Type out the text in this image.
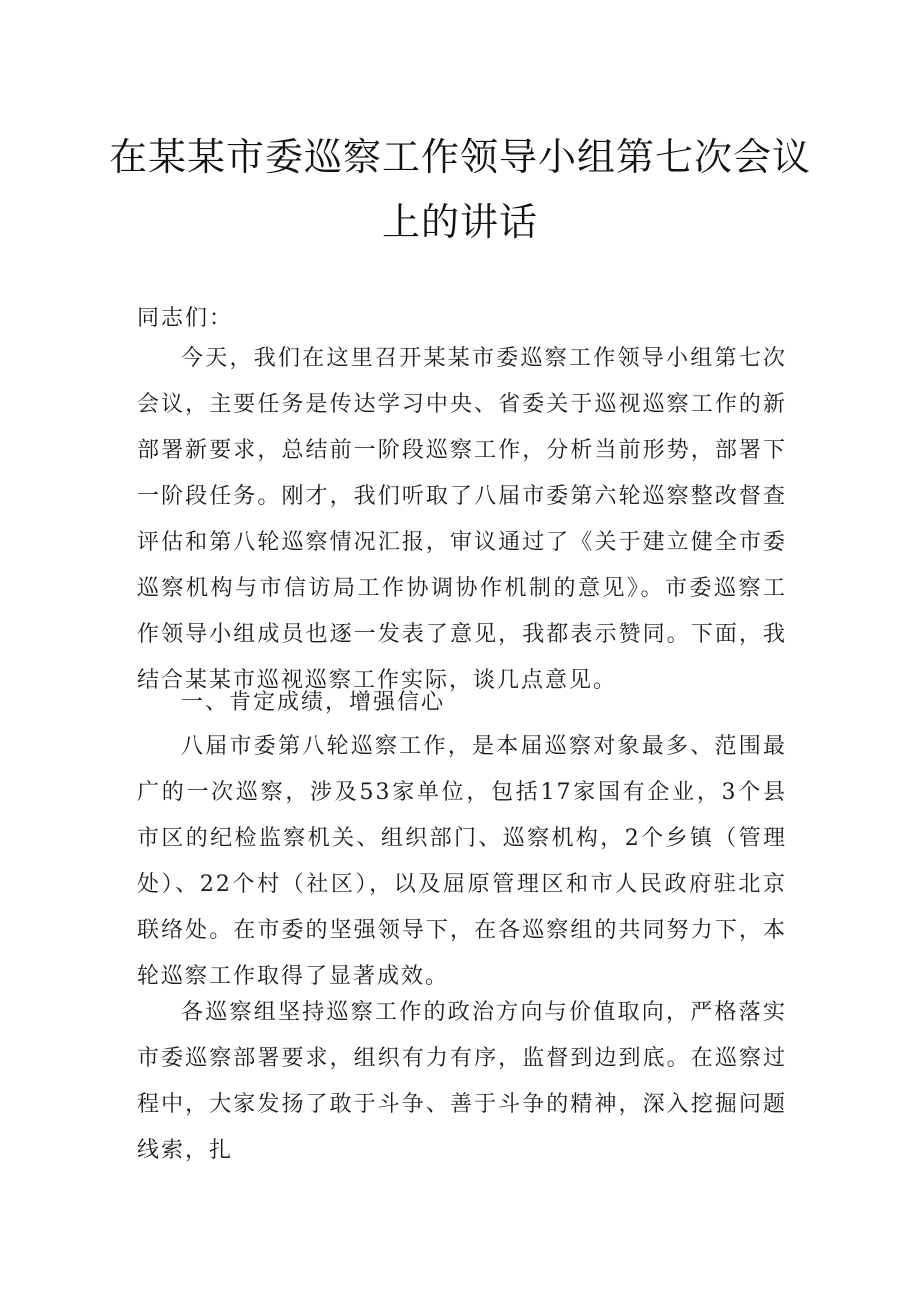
在某某市委巡察工作领导小组第七次会议
上的讲话

同志们：

今天，我们在这里召开某某市委巡察工作领导小组第七次会议，主要任务是传达学习中央、省委关于巡视巡察工作的新部署新要求，总结前一阶段巡察工作，分析当前形势，部署下一阶段任务。刚才，我们听取了八届市委第六轮巡察整改督查评估和第八轮巡察情况汇报，审议通过了《关于建立健全市委巡察机构与市信访局工作协调协作机制的意见》。市委巡察工作领导小组成员也逐一发表了意见，我都表示赞同。下面，我结合某某市巡视巡察工作实际，谈几点意见。

一、肯定成绩，增强信心

八届市委第八轮巡察工作，是本届巡察对象最多、范围最广的一次巡察，涉及53家单位，包括17家国有企业，3个县市区的纪检监察机关、组织部门、巡察机构，2个乡镇（管理处）、22个村（社区），以及屈原管理区和市人民政府驻北京联络处。在市委的坚强领导下，在各巡察组的共同努力下，本轮巡察工作取得了显著成效。

各巡察组坚持巡察工作的政治方向与价值取向，严格落实市委巡察部署要求，组织有力有序，监督到边到底。在巡察过程中，大家发扬了敢于斗争、善于斗争的精神，深入挖掘问题线索，扎
